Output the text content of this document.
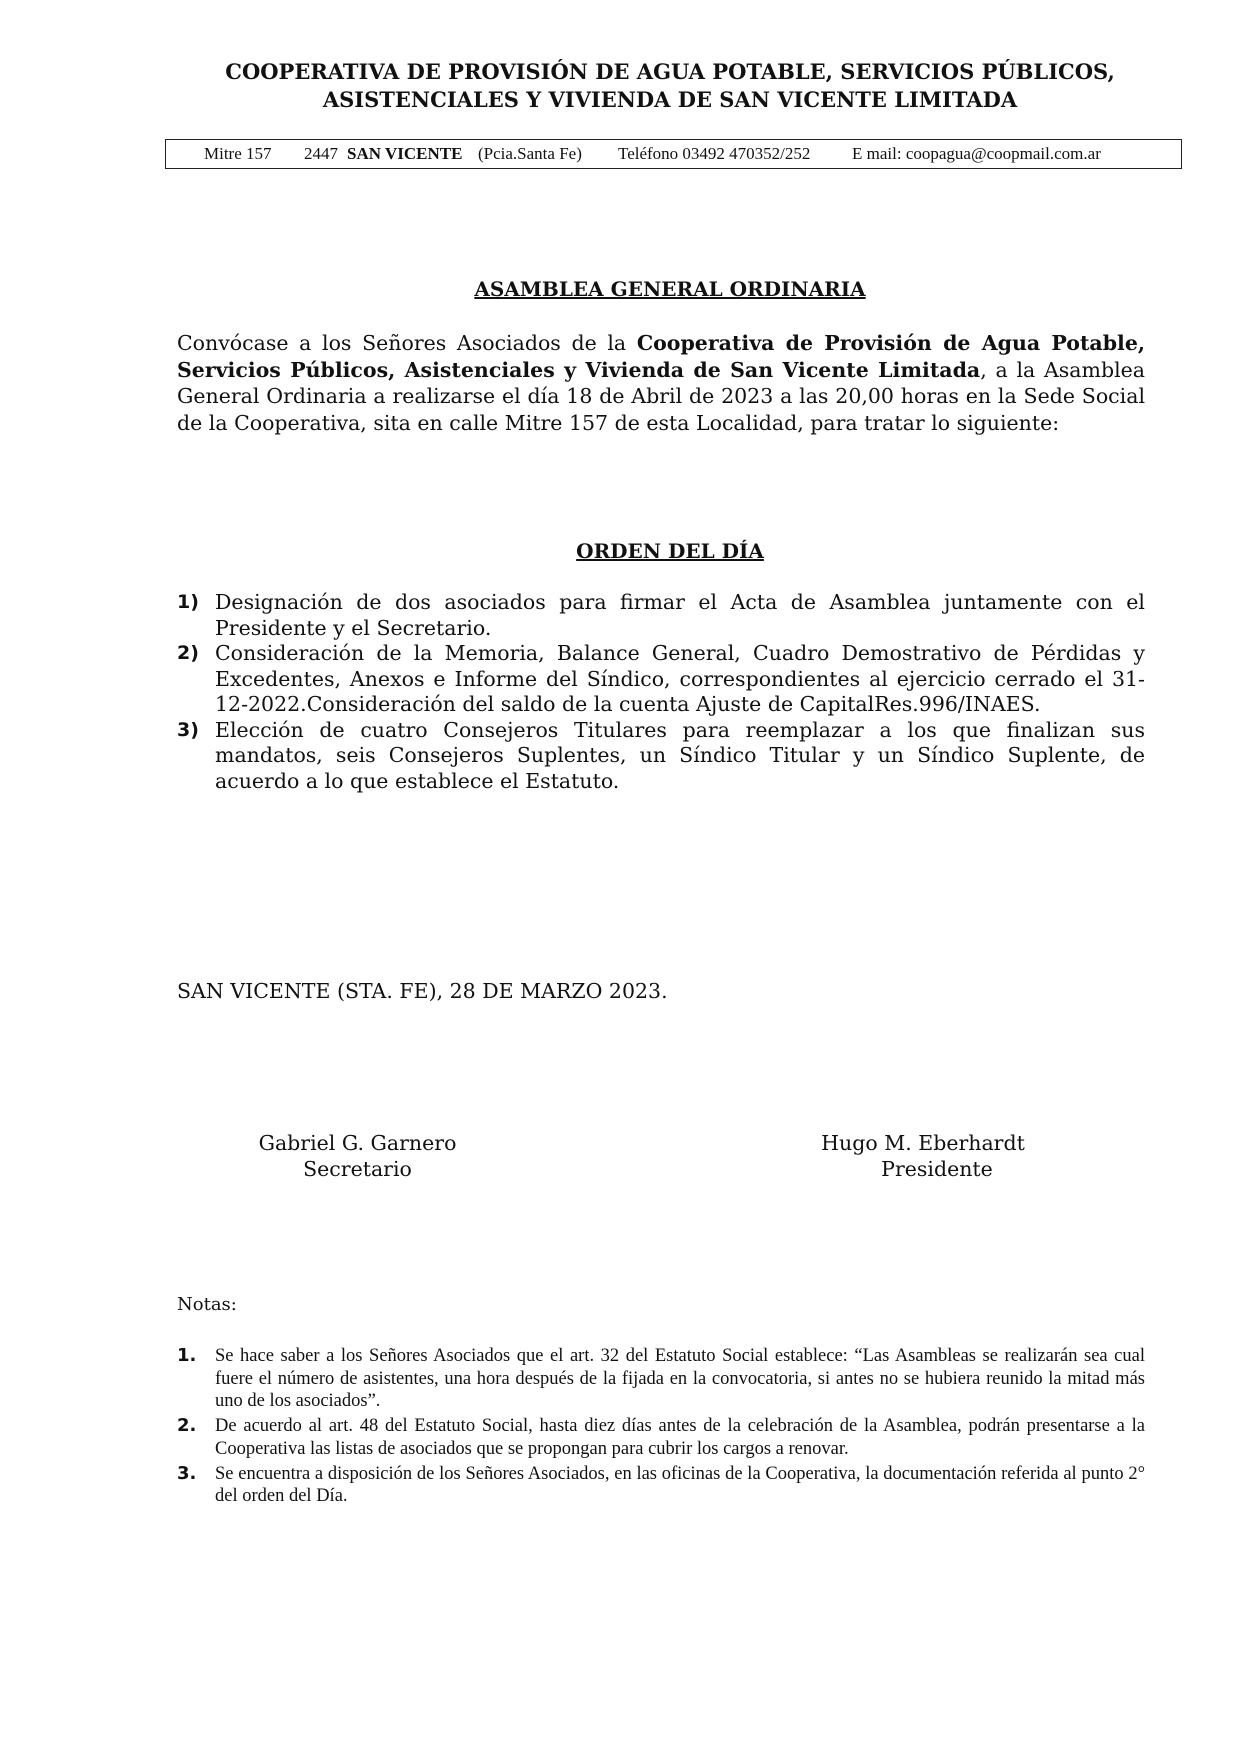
COOPERATIVA DE PROVISIÓN DE AGUA POTABLE, SERVICIOS PÚBLICOS,
ASISTENCIALES Y VIVIENDA DE SAN VICENTE LIMITADA
Mitre 157 2447 SAN VICENTE (Pcia.Santa Fe) Teléfono 03492 470352/252 E mail: coopagua@coopmail.com.ar
ASAMBLEA GENERAL ORDINARIA
Convócase a los Señores Asociados de la Cooperativa de Provisión de Agua Potable, Servicios Públicos, Asistenciales y Vivienda de San Vicente Limitada, a la Asamblea General Ordinaria a realizarse el día 18 de Abril de 2023 a las 20,00 horas en la Sede Social de la Cooperativa, sita en calle Mitre 157 de esta Localidad, para tratar lo siguiente:
ORDEN DEL DÍA
1) Designación de dos asociados para firmar el Acta de Asamblea juntamente con el Presidente y el Secretario.
2) Consideración de la Memoria, Balance General, Cuadro Demostrativo de Pérdidas y Excedentes, Anexos e Informe del Síndico, correspondientes al ejercicio cerrado el 31-12-2022.Consideración del saldo de la cuenta Ajuste de CapitalRes.996/INAES.
3) Elección de cuatro Consejeros Titulares para reemplazar a los que finalizan sus mandatos, seis Consejeros Suplentes, un Síndico Titular y un Síndico Suplente, de acuerdo a lo que establece el Estatuto.
SAN VICENTE (STA. FE), 28 DE MARZO 2023.
Gabriel G. Garnero
Secretario
Hugo M. Eberhardt
Presidente
Notas:
1. Se hace saber a los Señores Asociados que el art. 32 del Estatuto Social establece: “Las Asambleas se realizarán sea cual fuere el número de asistentes, una hora después de la fijada en la convocatoria, si antes no se hubiera reunido la mitad más uno de los asociados”.
2. De acuerdo al art. 48 del Estatuto Social, hasta diez días antes de la celebración de la Asamblea, podrán presentarse a la Cooperativa las listas de asociados que se propongan para cubrir los cargos a renovar.
3. Se encuentra a disposición de los Señores Asociados, en las oficinas de la Cooperativa, la documentación referida al punto 2° del orden del Día.
